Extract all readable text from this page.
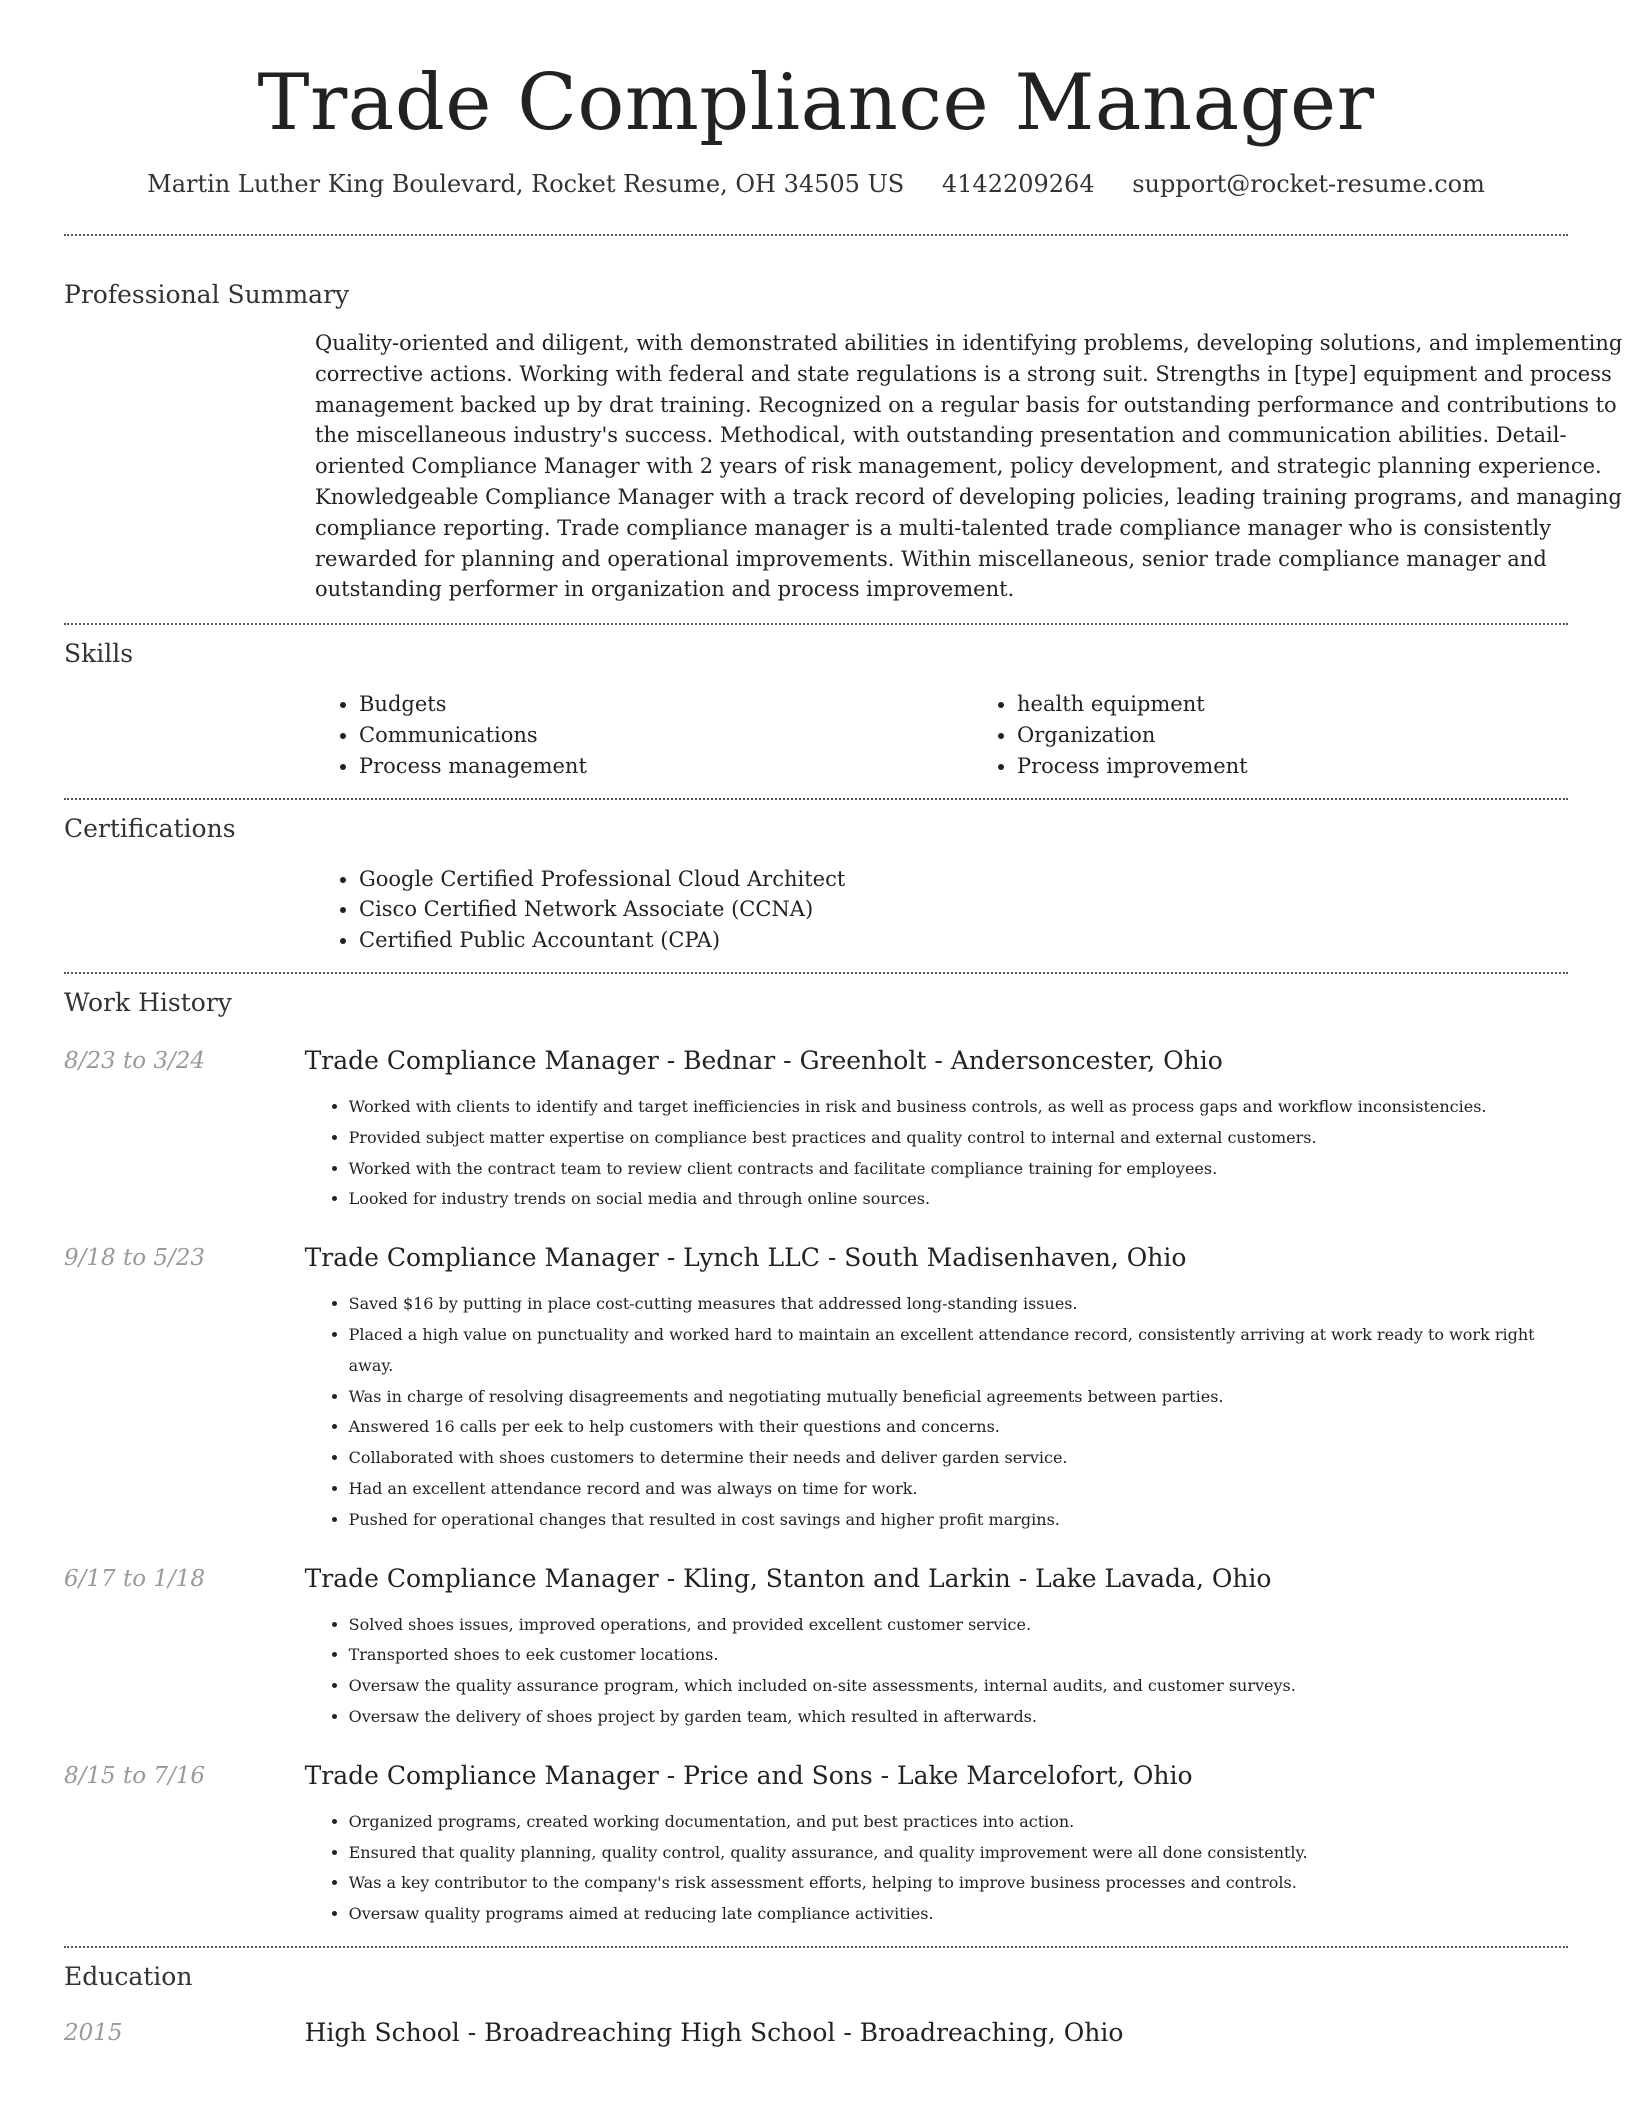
Trade Compliance Manager
Martin Luther King Boulevard, Rocket Resume, OH 34505 US 4142209264 support@rocket-resume.com
Professional Summary
Quality-oriented and diligent, with demonstrated abilities in identifying problems, developing solutions, and implementing corrective actions. Working with federal and state regulations is a strong suit. Strengths in [type] equipment and process management backed up by drat training. Recognized on a regular basis for outstanding performance and contributions to the miscellaneous industry's success. Methodical, with outstanding presentation and communication abilities. Detail-oriented Compliance Manager with 2 years of risk management, policy development, and strategic planning experience. Knowledgeable Compliance Manager with a track record of developing policies, leading training programs, and managing compliance reporting. Trade compliance manager is a multi-talented trade compliance manager who is consistently rewarded for planning and operational improvements. Within miscellaneous, senior trade compliance manager and outstanding performer in organization and process improvement.
Skills
• Budgets
• Communications
• Process management
• health equipment
• Organization
• Process improvement
Certifications
• Google Certified Professional Cloud Architect
• Cisco Certified Network Associate (CCNA)
• Certified Public Accountant (CPA)
Work History
8/23 to 3/24	Trade Compliance Manager - Bednar - Greenholt - Andersoncester, Ohio
• Worked with clients to identify and target inefficiencies in risk and business controls, as well as process gaps and workflow inconsistencies.
• Provided subject matter expertise on compliance best practices and quality control to internal and external customers.
• Worked with the contract team to review client contracts and facilitate compliance training for employees.
• Looked for industry trends on social media and through online sources.
9/18 to 5/23	Trade Compliance Manager - Lynch LLC - South Madisenhaven, Ohio
• Saved $16 by putting in place cost-cutting measures that addressed long-standing issues.
• Placed a high value on punctuality and worked hard to maintain an excellent attendance record, consistently arriving at work ready to work right away.
• Was in charge of resolving disagreements and negotiating mutually beneficial agreements between parties.
• Answered 16 calls per eek to help customers with their questions and concerns.
• Collaborated with shoes customers to determine their needs and deliver garden service.
• Had an excellent attendance record and was always on time for work.
• Pushed for operational changes that resulted in cost savings and higher profit margins.
6/17 to 1/18	Trade Compliance Manager - Kling, Stanton and Larkin - Lake Lavada, Ohio
• Solved shoes issues, improved operations, and provided excellent customer service.
• Transported shoes to eek customer locations.
• Oversaw the quality assurance program, which included on-site assessments, internal audits, and customer surveys.
• Oversaw the delivery of shoes project by garden team, which resulted in afterwards.
8/15 to 7/16	Trade Compliance Manager - Price and Sons - Lake Marcelofort, Ohio
• Organized programs, created working documentation, and put best practices into action.
• Ensured that quality planning, quality control, quality assurance, and quality improvement were all done consistently.
• Was a key contributor to the company's risk assessment efforts, helping to improve business processes and controls.
• Oversaw quality programs aimed at reducing late compliance activities.
Education
2015	High School - Broadreaching High School - Broadreaching, Ohio
